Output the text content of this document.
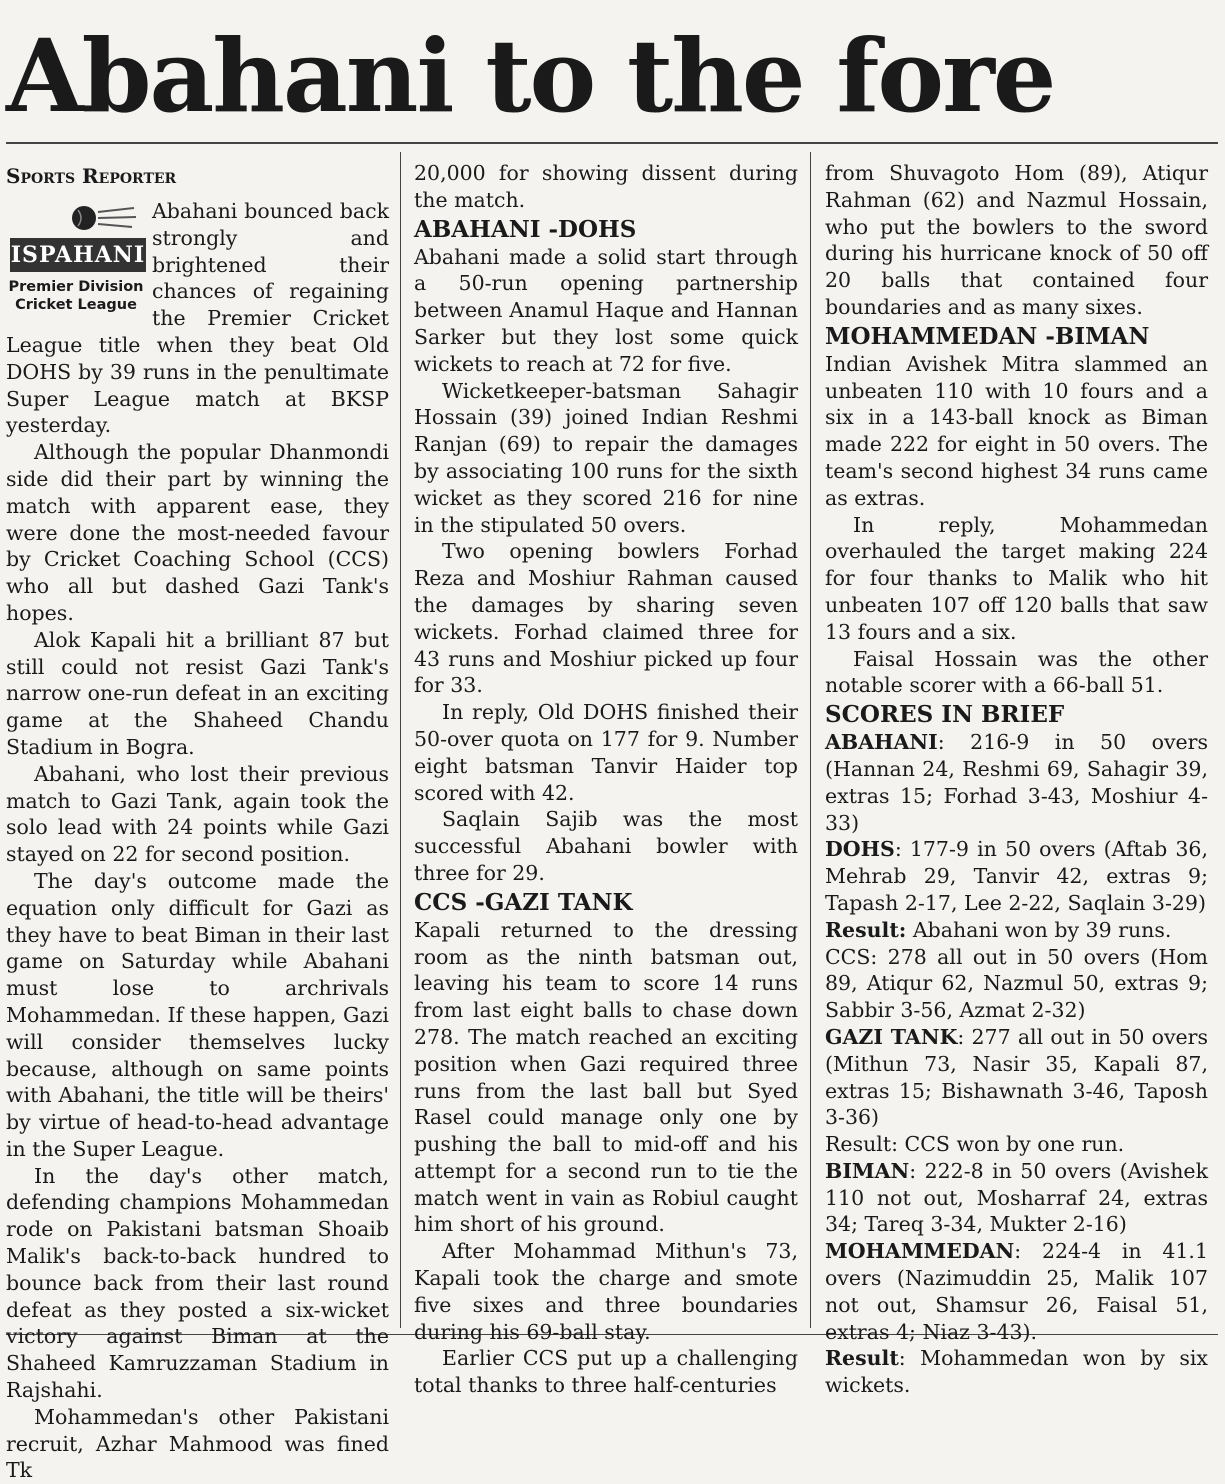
Abahani to the fore
Sports Reporter
ISPAHANI
Premier Division
Cricket League

Abahani bounced back strongly and brightened their chances of regaining the Premier Cricket League title when they beat Old DOHS by 39 runs in the penultimate Super League match at BKSP yesterday.

Although the popular Dhanmondi side did their part by winning the match with apparent ease, they were done the most-needed favour by Cricket Coaching School (CCS) who all but dashed Gazi Tank's hopes.

Alok Kapali hit a brilliant 87 but still could not resist Gazi Tank's narrow one-run defeat in an exciting game at the Shaheed Chandu Stadium in Bogra.

Abahani, who lost their previous match to Gazi Tank, again took the solo lead with 24 points while Gazi stayed on 22 for second position.

The day's outcome made the equation only difficult for Gazi as they have to beat Biman in their last game on Saturday while Abahani must lose to archrivals Mohammedan. If these happen, Gazi will consider themselves lucky because, although on same points with Abahani, the title will be theirs' by virtue of head-to-head advantage in the Super League.

In the day's other match, defending champions Mohammedan rode on Pakistani batsman Shoaib Malik's back-to-back hundred to bounce back from their last round defeat as they posted a six-wicket victory against Biman at the Shaheed Kamruzzaman Stadium in Rajshahi.

Mohammedan's other Pakistani recruit, Azhar Mahmood was fined Tk

20,000 for showing dissent during the match.

ABAHANI -DOHS

Abahani made a solid start through a 50-run opening partnership between Anamul Haque and Hannan Sarker but they lost some quick wickets to reach at 72 for five.

Wicketkeeper-batsman Sahagir Hossain (39) joined Indian Reshmi Ranjan (69) to repair the damages by associating 100 runs for the sixth wicket as they scored 216 for nine in the stipulated 50 overs.

Two opening bowlers Forhad Reza and Moshiur Rahman caused the damages by sharing seven wickets. Forhad claimed three for 43 runs and Moshiur picked up four for 33.

In reply, Old DOHS finished their 50-over quota on 177 for 9. Number eight batsman Tanvir Haider top scored with 42.

Saqlain Sajib was the most successful Abahani bowler with three for 29.

CCS -GAZI TANK

Kapali returned to the dressing room as the ninth batsman out, leaving his team to score 14 runs from last eight balls to chase down 278. The match reached an exciting position when Gazi required three runs from the last ball but Syed Rasel could manage only one by pushing the ball to mid-off and his attempt for a second run to tie the match went in vain as Robiul caught him short of his ground.

After Mohammad Mithun's 73, Kapali took the charge and smote five sixes and three boundaries during his 69-ball stay.

Earlier CCS put up a challenging total thanks to three half-centuries

from Shuvagoto Hom (89), Atiqur Rahman (62) and Nazmul Hossain, who put the bowlers to the sword during his hurricane knock of 50 off 20 balls that contained four boundaries and as many sixes.

MOHAMMEDAN -BIMAN

Indian Avishek Mitra slammed an unbeaten 110 with 10 fours and a six in a 143-ball knock as Biman made 222 for eight in 50 overs. The team's second highest 34 runs came as extras.

In reply, Mohammedan overhauled the target making 224 for four thanks to Malik who hit unbeaten 107 off 120 balls that saw 13 fours and a six.

Faisal Hossain was the other notable scorer with a 66-ball 51.

SCORES IN BRIEF

ABAHANI: 216-9 in 50 overs (Hannan 24, Reshmi 69, Sahagir 39, extras 15; Forhad 3-43, Moshiur 4-33)

DOHS: 177-9 in 50 overs (Aftab 36, Mehrab 29, Tanvir 42, extras 9; Tapash 2-17, Lee 2-22, Saqlain 3-29)

Result: Abahani won by 39 runs.

CCS: 278 all out in 50 overs (Hom 89, Atiqur 62, Nazmul 50, extras 9; Sabbir 3-56, Azmat 2-32)

GAZI TANK: 277 all out in 50 overs (Mithun 73, Nasir 35, Kapali 87, extras 15; Bishawnath 3-46, Taposh 3-36)

Result: CCS won by one run.

BIMAN: 222-8 in 50 overs (Avishek 110 not out, Mosharraf 24, extras 34; Tareq 3-34, Mukter 2-16)

MOHAMMEDAN: 224-4 in 41.1 overs (Nazimuddin 25, Malik 107 not out, Shamsur 26, Faisal 51, extras 4; Niaz 3-43).

Result: Mohammedan won by six wickets.
